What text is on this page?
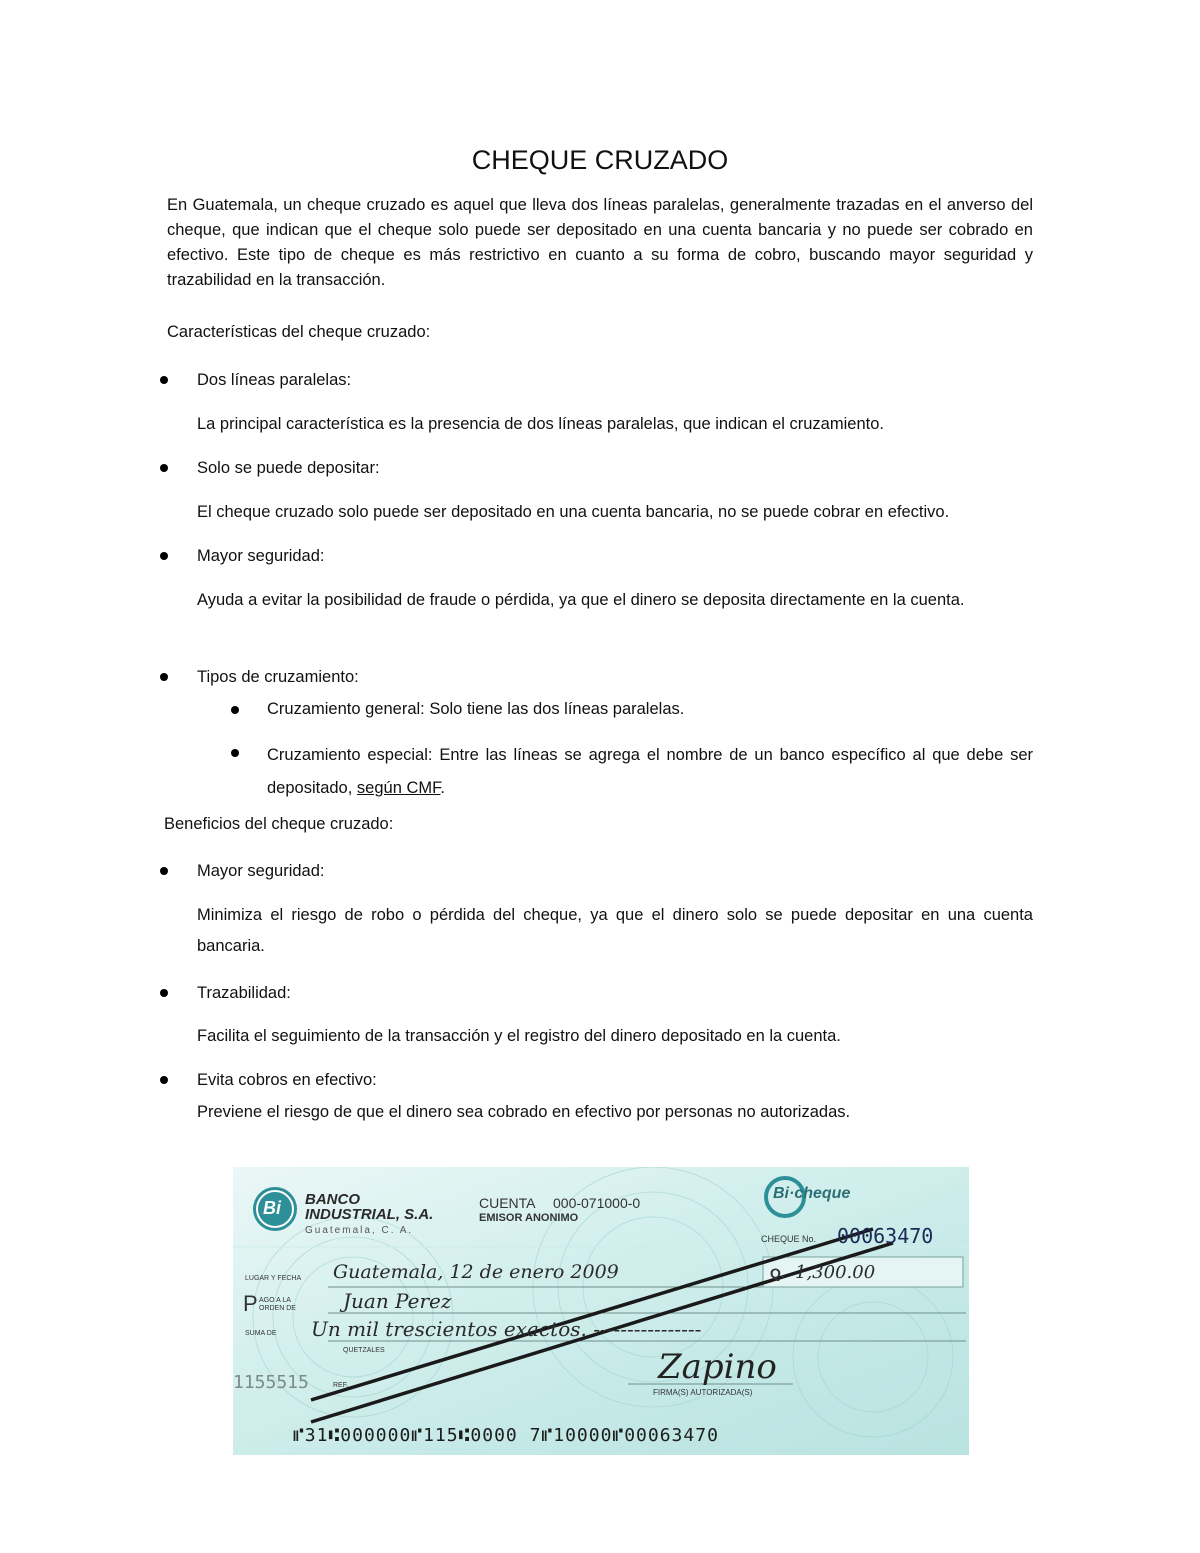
CHEQUE CRUZADO
En Guatemala, un cheque cruzado es aquel que lleva dos líneas paralelas, generalmente trazadas en el anverso del cheque, que indican que el cheque solo puede ser depositado en una cuenta bancaria y no puede ser cobrado en efectivo. Este tipo de cheque es más restrictivo en cuanto a su forma de cobro, buscando mayor seguridad y trazabilidad en la transacción.
Características del cheque cruzado:
Dos líneas paralelas:
La principal característica es la presencia de dos líneas paralelas, que indican el cruzamiento.
Solo se puede depositar:
El cheque cruzado solo puede ser depositado en una cuenta bancaria, no se puede cobrar en efectivo.
Mayor seguridad:
Ayuda a evitar la posibilidad de fraude o pérdida, ya que el dinero se deposita directamente en la cuenta.
Tipos de cruzamiento:
Cruzamiento general: Solo tiene las dos líneas paralelas.
Cruzamiento especial: Entre las líneas se agrega el nombre de un banco específico al que debe ser depositado, según CMF.
Beneficios del cheque cruzado:
Mayor seguridad:
Minimiza el riesgo de robo o pérdida del cheque, ya que el dinero solo se puede depositar en una cuenta bancaria.
Trazabilidad:
Facilita el seguimiento de la transacción y el registro del dinero depositado en la cuenta.
Evita cobros en efectivo:
Previene el riesgo de que el dinero sea cobrado en efectivo por personas no autorizadas.
Bi BANCO
INDUSTRIAL, S.A.
Guatemala, C. A.
CUENTA 000-071000-0
EMISOR ANONIMO
Bi·cheque
CHEQUE No. 00063470
LUGAR Y FECHA Guatemala, 12 de enero 2009	Q. 1,300.00
P AGO A LA ORDEN DE Juan Perez
SUMA DE Un mil trescientos exactos. ----------------
QUETZALES
1155515	REF.	Zapino
FIRMA(S) AUTORIZADA(S)
⑈31⑆000000⑈115⑆0000 7⑈10000⑈00063470
